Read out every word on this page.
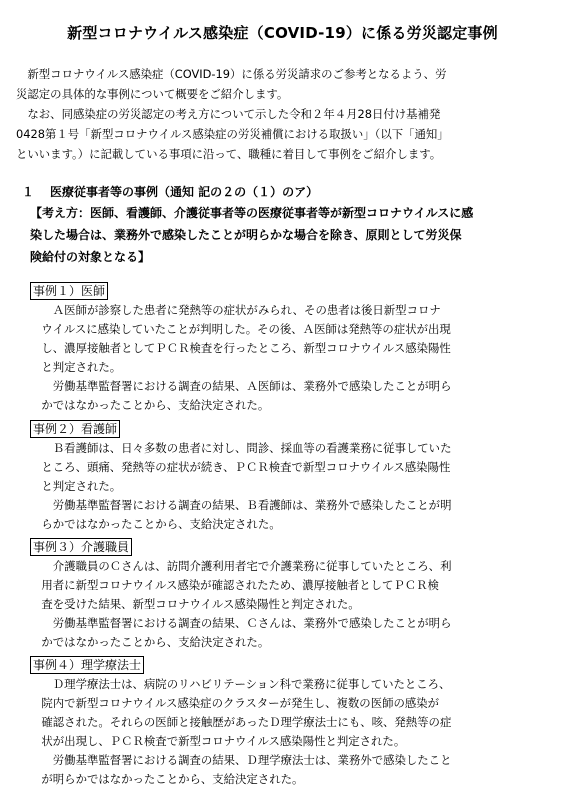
新型コロナウイルス感染症（COVID-19）に係る労災認定事例
　新型コロナウイルス感染症（COVID-19）に係る労災請求のご参考となるよう、労
災認定の具体的な事例について概要をご紹介します。
　なお、同感染症の労災認定の考え方について示した令和２年４月28日付け基補発
0428第１号「新型コロナウイルス感染症の労災補償における取扱い」（以下「通知」
といいます。）に記載している事項に沿って、職種に着目して事例をご紹介します。
１ 医療従事者等の事例（通知 記の２の（１）のア）
【考え方：医師、看護師、介護従事者等の医療従事者等が新型コロナウイルスに感
染した場合は、業務外で感染したことが明らかな場合を除き、原則として労災保
険給付の対象となる】
事例１）医師
　　Ａ医師が診察した患者に発熱等の症状がみられ、その患者は後日新型コロナ
　ウイルスに感染していたことが判明した。その後、Ａ医師は発熱等の症状が出現
　し、濃厚接触者としてＰＣＲ検査を行ったところ、新型コロナウイルス感染陽性
　と判定された。
　　労働基準監督署における調査の結果、Ａ医師は、業務外で感染したことが明ら
　かではなかったことから、支給決定された。
事例２）看護師
　　Ｂ看護師は、日々多数の患者に対し、問診、採血等の看護業務に従事していた
　ところ、頭痛、発熱等の症状が続き、ＰＣＲ検査で新型コロナウイルス感染陽性
　と判定された。
　　労働基準監督署における調査の結果、Ｂ看護師は、業務外で感染したことが明
　らかではなかったことから、支給決定された。
事例３）介護職員
　　介護職員のＣさんは、訪問介護利用者宅で介護業務に従事していたところ、利
　用者に新型コロナウイルス感染が確認されたため、濃厚接触者としてＰＣＲ検
　査を受けた結果、新型コロナウイルス感染陽性と判定された。
　　労働基準監督署における調査の結果、Ｃさんは、業務外で感染したことが明ら
　かではなかったことから、支給決定された。
事例４）理学療法士
　　Ｄ理学療法士は、病院のリハビリテーション科で業務に従事していたところ、
　院内で新型コロナウイルス感染症のクラスターが発生し、複数の医師の感染が
　確認された。それらの医師と接触歴があったＤ理学療法士にも、咳、発熱等の症
　状が出現し、ＰＣＲ検査で新型コロナウイルス感染陽性と判定された。
　　労働基準監督署における調査の結果、Ｄ理学療法士は、業務外で感染したこと
　が明らかではなかったことから、支給決定された。
